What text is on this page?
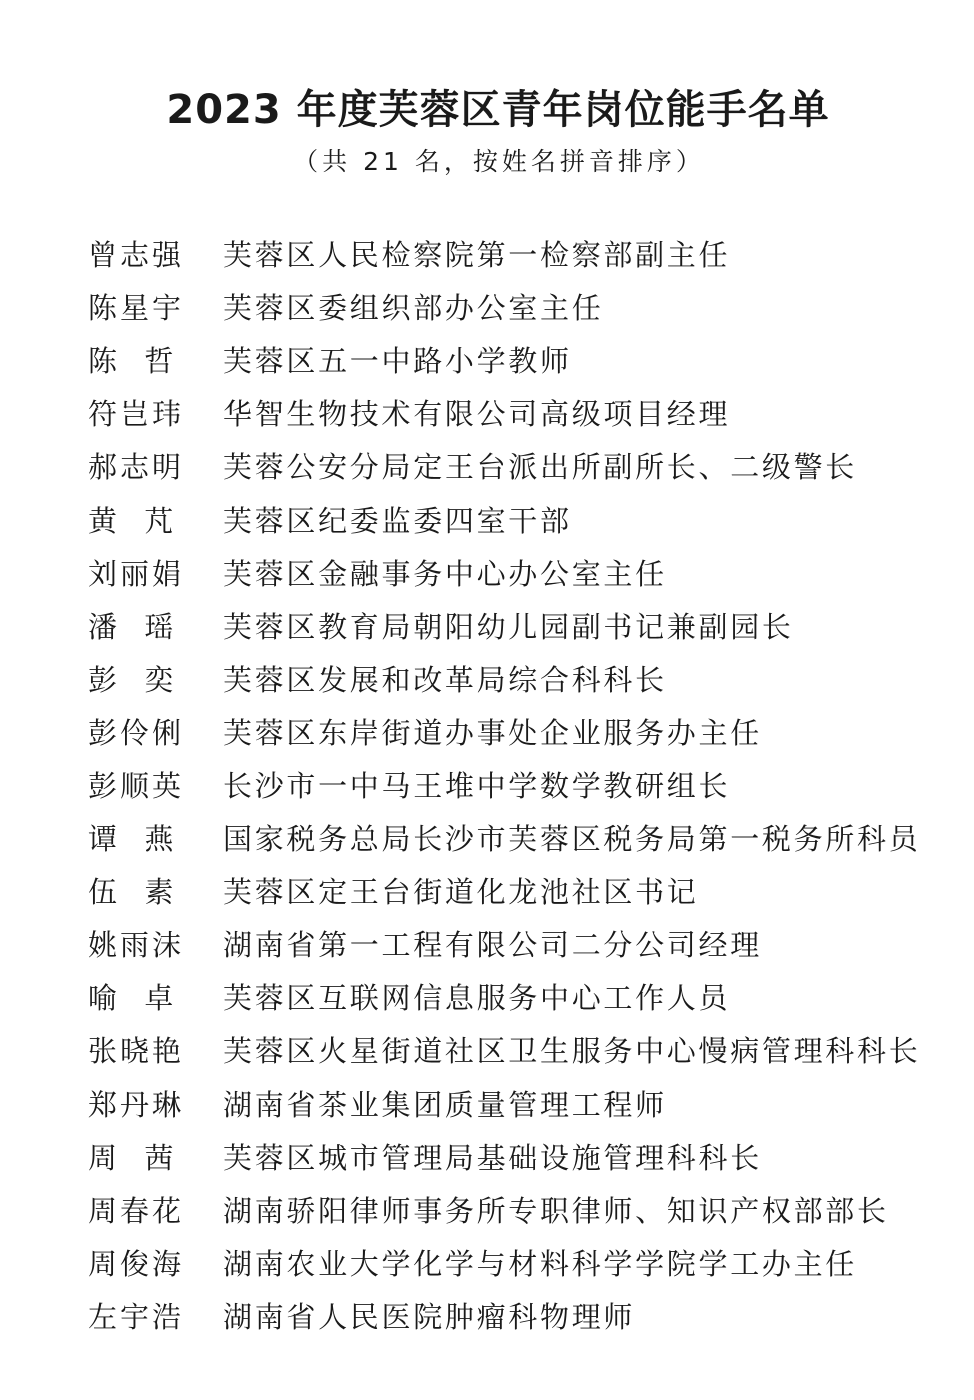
2023 年度芙蓉区青年岗位能手名单
（共 21 名，按姓名拼音排序）
曾志强	芙蓉区人民检察院第一检察部副主任
陈星宇	芙蓉区委组织部办公室主任
陈  哲	芙蓉区五一中路小学教师
符岂玮	华智生物技术有限公司高级项目经理
郝志明	芙蓉公安分局定王台派出所副所长、二级警长
黄  芃	芙蓉区纪委监委四室干部
刘丽娟	芙蓉区金融事务中心办公室主任
潘  瑶	芙蓉区教育局朝阳幼儿园副书记兼副园长
彭  奕	芙蓉区发展和改革局综合科科长
彭伶俐	芙蓉区东岸街道办事处企业服务办主任
彭顺英	长沙市一中马王堆中学数学教研组长
谭  燕	国家税务总局长沙市芙蓉区税务局第一税务所科员
伍  素	芙蓉区定王台街道化龙池社区书记
姚雨沫	湖南省第一工程有限公司二分公司经理
喻  卓	芙蓉区互联网信息服务中心工作人员
张晓艳	芙蓉区火星街道社区卫生服务中心慢病管理科科长
郑丹琳	湖南省茶业集团质量管理工程师
周  茜	芙蓉区城市管理局基础设施管理科科长
周春花	湖南骄阳律师事务所专职律师、知识产权部部长
周俊海	湖南农业大学化学与材料科学学院学工办主任
左宇浩	湖南省人民医院肿瘤科物理师
